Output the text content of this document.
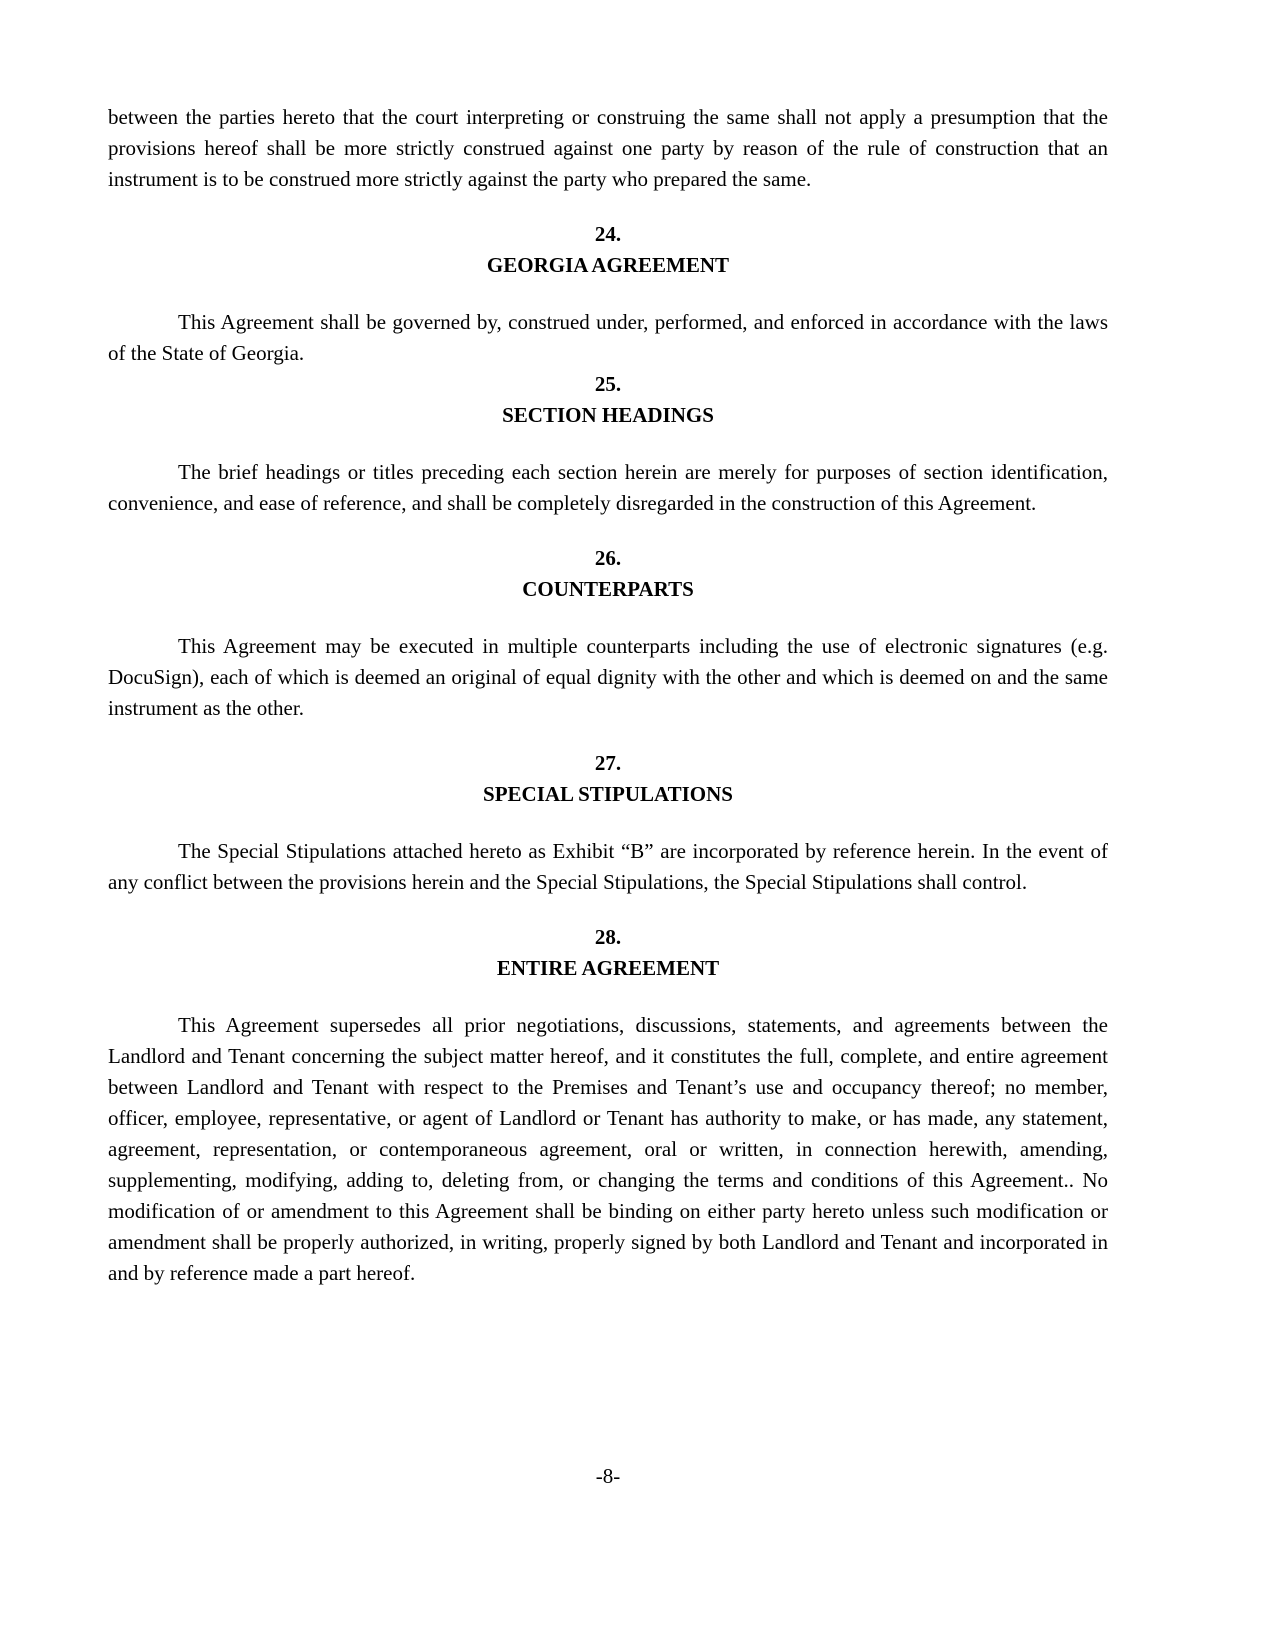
between the parties hereto that the court interpreting or construing the same shall not apply a presumption that the provisions hereof shall be more strictly construed against one party by reason of the rule of construction that an instrument is to be construed more strictly against the party who prepared the same.

24.
GEORGIA AGREEMENT

This Agreement shall be governed by, construed under, performed, and enforced in accordance with the laws of the State of Georgia.

25.
SECTION HEADINGS

The brief headings or titles preceding each section herein are merely for purposes of section identification, convenience, and ease of reference, and shall be completely disregarded in the construction of this Agreement.

26.
COUNTERPARTS

This Agreement may be executed in multiple counterparts including the use of electronic signatures (e.g. DocuSign), each of which is deemed an original of equal dignity with the other and which is deemed on and the same instrument as the other.

27.
SPECIAL STIPULATIONS

The Special Stipulations attached hereto as Exhibit “B” are incorporated by reference herein. In the event of any conflict between the provisions herein and the Special Stipulations, the Special Stipulations shall control.

28.
ENTIRE AGREEMENT

This Agreement supersedes all prior negotiations, discussions, statements, and agreements between the Landlord and Tenant concerning the subject matter hereof, and it constitutes the full, complete, and entire agreement between Landlord and Tenant with respect to the Premises and Tenant’s use and occupancy thereof; no member, officer, employee, representative, or agent of Landlord or Tenant has authority to make, or has made, any statement, agreement, representation, or contemporaneous agreement, oral or written, in connection herewith, amending, supplementing, modifying, adding to, deleting from, or changing the terms and conditions of this Agreement.. No modification of or amendment to this Agreement shall be binding on either party hereto unless such modification or amendment shall be properly authorized, in writing, properly signed by both Landlord and Tenant and incorporated in and by reference made a part hereof.

-8-
